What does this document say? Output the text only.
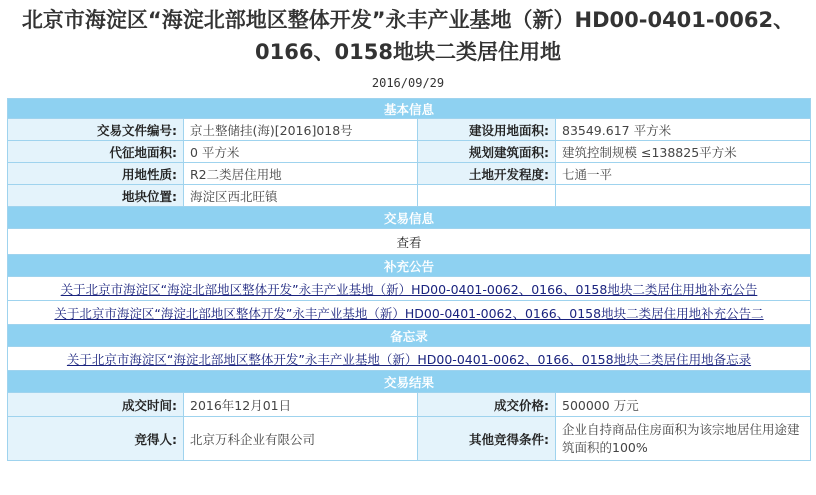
北京市海淀区“海淀北部地区整体开发”永丰产业基地（新）HD00-0401-0062、
0166、0158地块二类居住用地
2016/09/29
基本信息			
交易文件编号:	京土整储挂(海)[2016]018号	建设用地面积:	83549.617 平方米
代征地面积:	0 平方米	规划建筑面积:	建筑控制规模 ≤138825平方米
用地性质:	R2二类居住用地	土地开发程度:	七通一平
地块位置:	海淀区西北旺镇		
交易信息			
查看			
补充公告			
关于北京市海淀区“海淀北部地区整体开发”永丰产业基地（新）HD00-0401-0062、0166、0158地块二类居住用地补充公告			
关于北京市海淀区“海淀北部地区整体开发”永丰产业基地（新）HD00-0401-0062、0166、0158地块二类居住用地补充公告二			
备忘录			
关于北京市海淀区“海淀北部地区整体开发”永丰产业基地（新）HD00-0401-0062、0166、0158地块二类居住用地备忘录			
交易结果			
成交时间:	2016年12月01日	成交价格:	500000 万元
竞得人:	北京万科企业有限公司	其他竞得条件:	企业自持商品住房面积为该宗地居住用途建筑面积的100%
